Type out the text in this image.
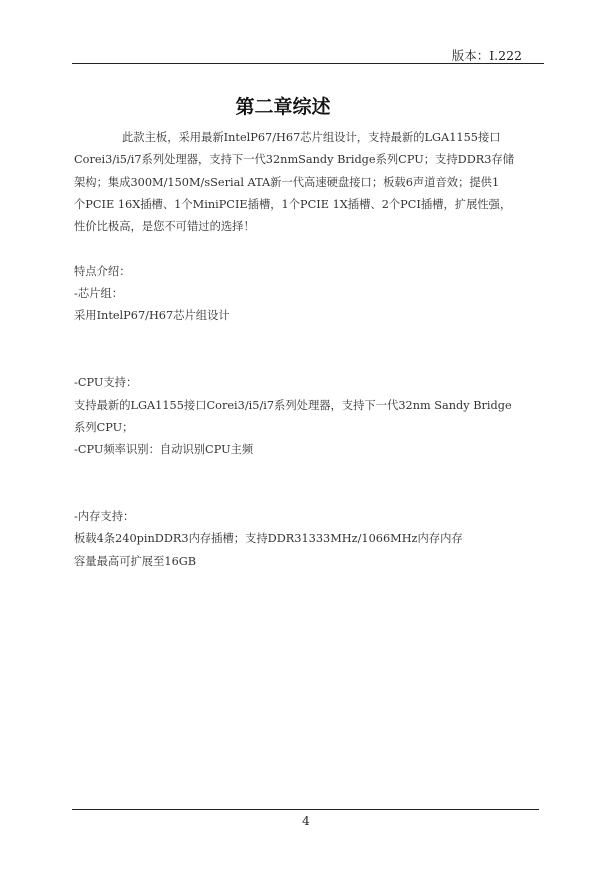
版本：I.222
第二章综述

此款主板，采用最新IntelP67/H67芯片组设计，支持最新的LGA1155接口

Corei3/i5/i7系列处理器，支持下一代32nmSandy Bridge系列CPU；支持DDR3存储

架构；集成300M/150M/sSerial ATA新一代高速硬盘接口；板载6声道音效；提供1

个PCIE 16X插槽、1个MiniPCIE插槽，1个PCIE 1X插槽、2个PCI插槽，扩展性强，

性价比极高，是您不可错过的选择！

特点介绍：

-芯片组：

采用IntelP67/H67芯片组设计

-CPU支持：

支持最新的LGA1155接口Corei3/i5/i7系列处理器，支持下一代32nm Sandy Bridge

系列CPU；

-CPU频率识别：自动识别CPU主频

-内存支持：

板载4条240pinDDR3内存插槽；支持DDR31333MHz/1066MHz内存内存

容量最高可扩展至16GB

4
